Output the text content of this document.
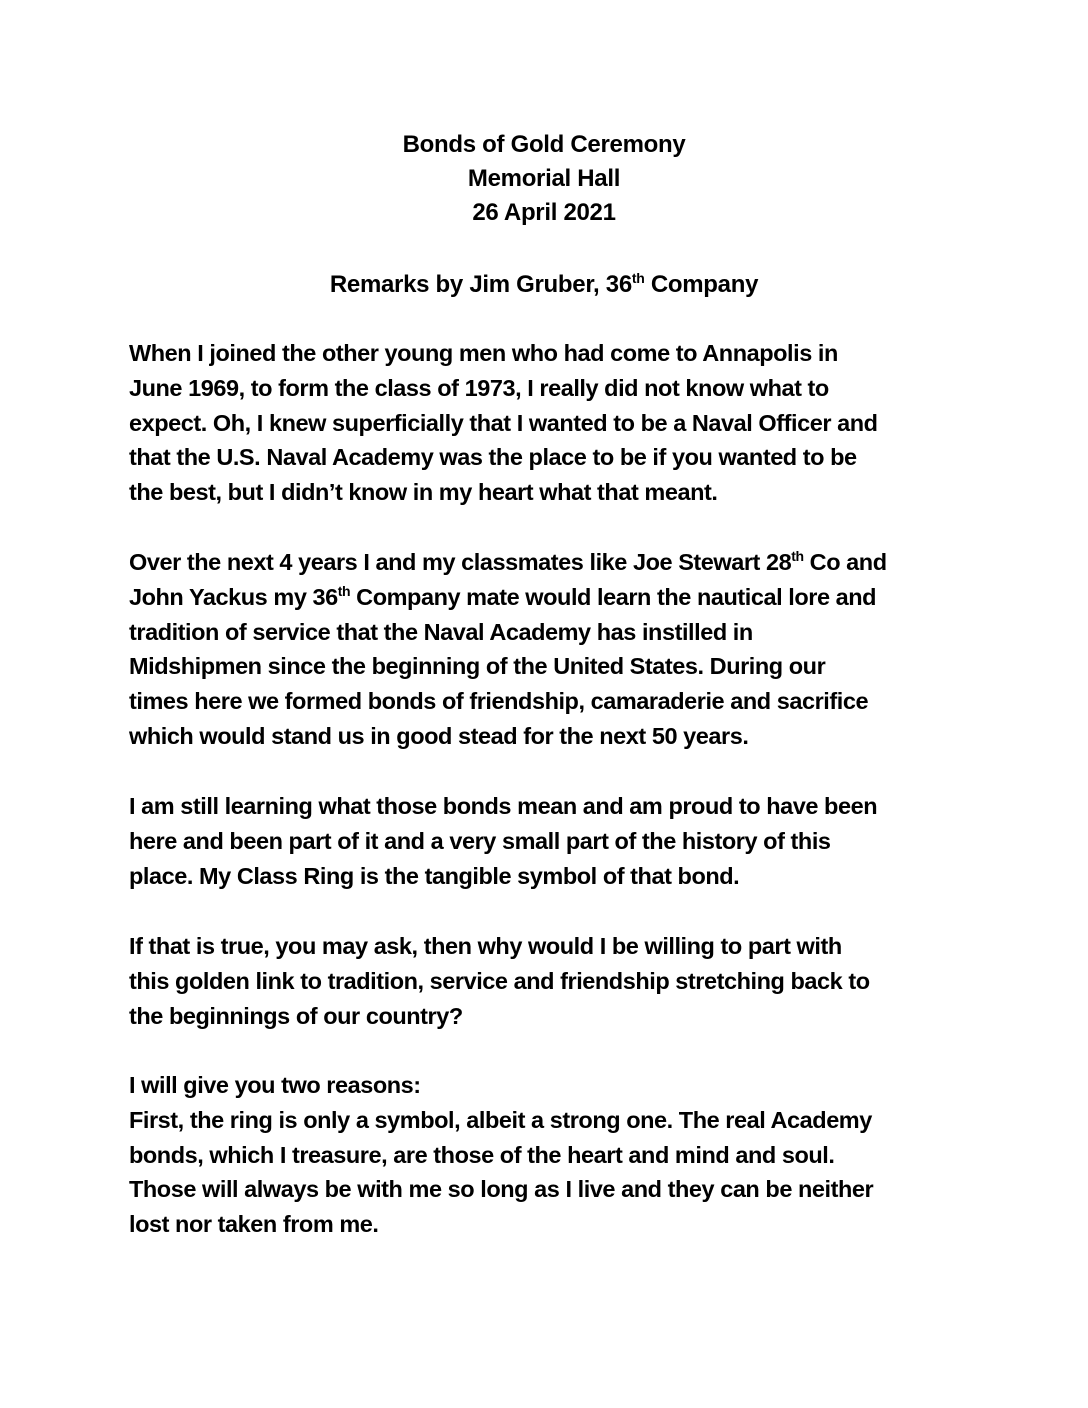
Bonds of Gold Ceremony
Memorial Hall
26 April 2021
Remarks by Jim Gruber, 36th Company
When I joined the other young men who had come to Annapolis in
June 1969, to form the class of 1973, I really did not know what to
expect. Oh, I knew superficially that I wanted to be a Naval Officer and
that the U.S. Naval Academy was the place to be if you wanted to be
the best, but I didn’t know in my heart what that meant.
Over the next 4 years I and my classmates like Joe Stewart 28th Co and
John Yackus my 36th Company mate would learn the nautical lore and
tradition of service that the Naval Academy has instilled in
Midshipmen since the beginning of the United States. During our
times here we formed bonds of friendship, camaraderie and sacrifice
which would stand us in good stead for the next 50 years.
I am still learning what those bonds mean and am proud to have been
here and been part of it and a very small part of the history of this
place. My Class Ring is the tangible symbol of that bond.
If that is true, you may ask, then why would I be willing to part with
this golden link to tradition, service and friendship stretching back to
the beginnings of our country?
I will give you two reasons:
First, the ring is only a symbol, albeit a strong one. The real Academy
bonds, which I treasure, are those of the heart and mind and soul.
Those will always be with me so long as I live and they can be neither
lost nor taken from me.
